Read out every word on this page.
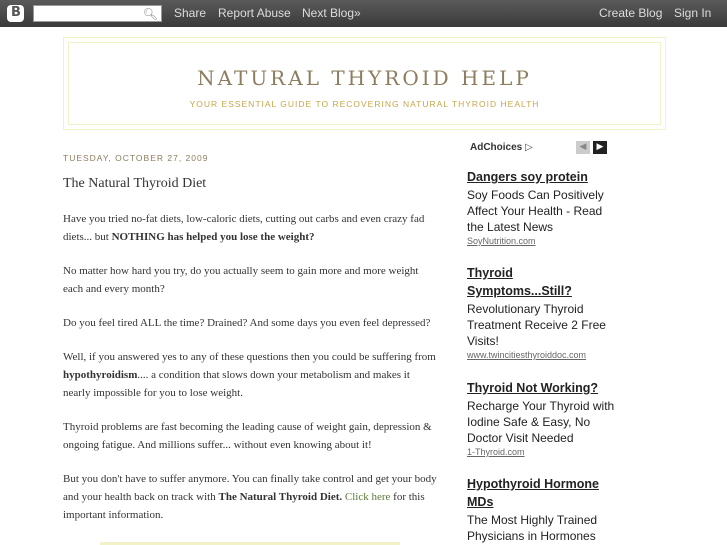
B	🔍︎ Share Report Abuse Next Blog»	Create Blog Sign In
NATURAL THYROID HELP
YOUR ESSENTIAL GUIDE TO RECOVERING NATURAL THYROID HEALTH
TUESDAY, OCTOBER 27, 2009
The Natural Thyroid Diet

Have you tried no-fat diets, low-caloric diets, cutting out carbs and even crazy fad diets... but NOTHING has helped you lose the weight?

No matter how hard you try, do you actually seem to gain more and more weight each and every month?

Do you feel tired ALL the time? Drained? And some days you even feel depressed?

Well, if you answered yes to any of these questions then you could be suffering from hypothyroidism.... a condition that slows down your metabolism and makes it nearly impossible for you to lose weight.

Thyroid problems are fast becoming the leading cause of weight gain, depression & ongoing fatigue. And millions suffer... without even knowing about it!

But you don't have to suffer anymore. You can finally take control and get your body and your health back on track with The Natural Thyroid Diet. Click here for this important information.

AdChoices ▷	◀	▶
Dangers soy protein
Soy Foods Can Positively Affect Your Health - Read the Latest News
SoyNutrition.com
Thyroid Symptoms...Still?
Revolutionary Thyroid Treatment Receive 2 Free Visits!
www.twincitiesthyroiddoc.com
Thyroid Not Working?
Recharge Your Thyroid with Iodine Safe & Easy, No Doctor Visit Needed
1-Thyroid.com
Hypothyroid Hormone MDs
The Most Highly Trained Physicians in Hormones
